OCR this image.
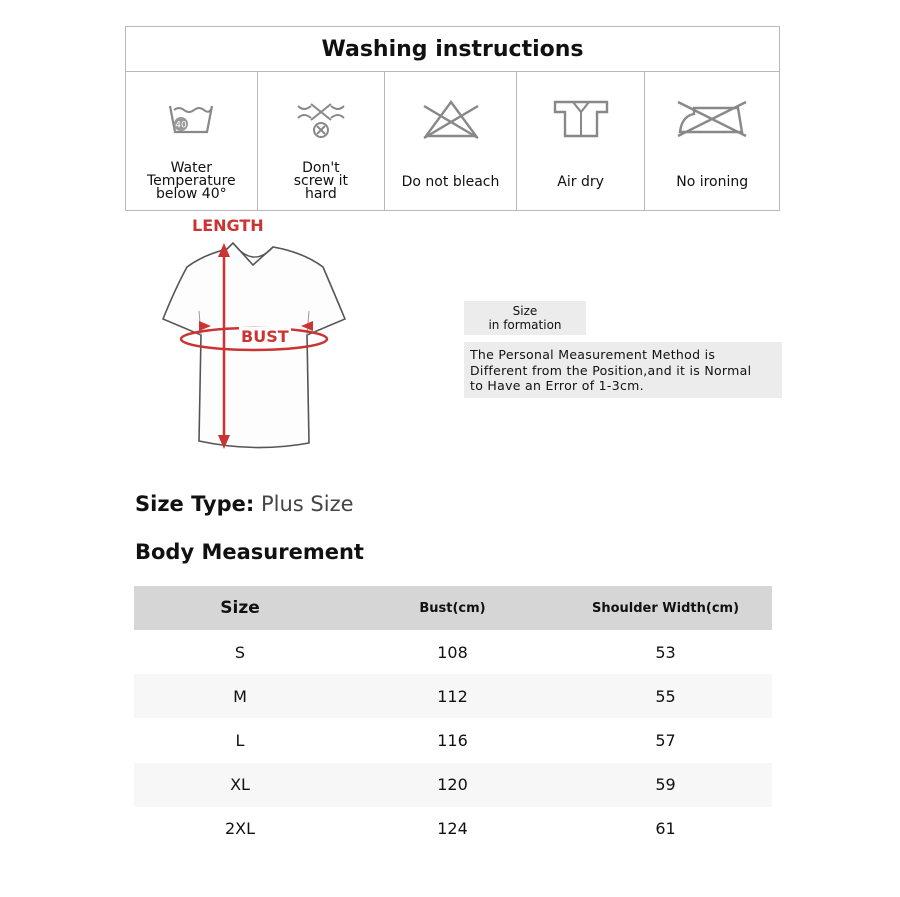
Washing instructions
40
Water
Temperature
below 40°
Don't
screw it
hard
Do not bleach	Air dry	No ironing
LENGTH
BUST
Size
in formation
The Personal Measurement Method is
Different from the Position,and it is Normal
to Have an Error of 1-3cm.
Size Type: Plus Size
Body Measurement
Size	Bust(cm)	Shoulder Width(cm)
S	108	53
M	112	55
L	116	57
XL	120	59
2XL	124	61
